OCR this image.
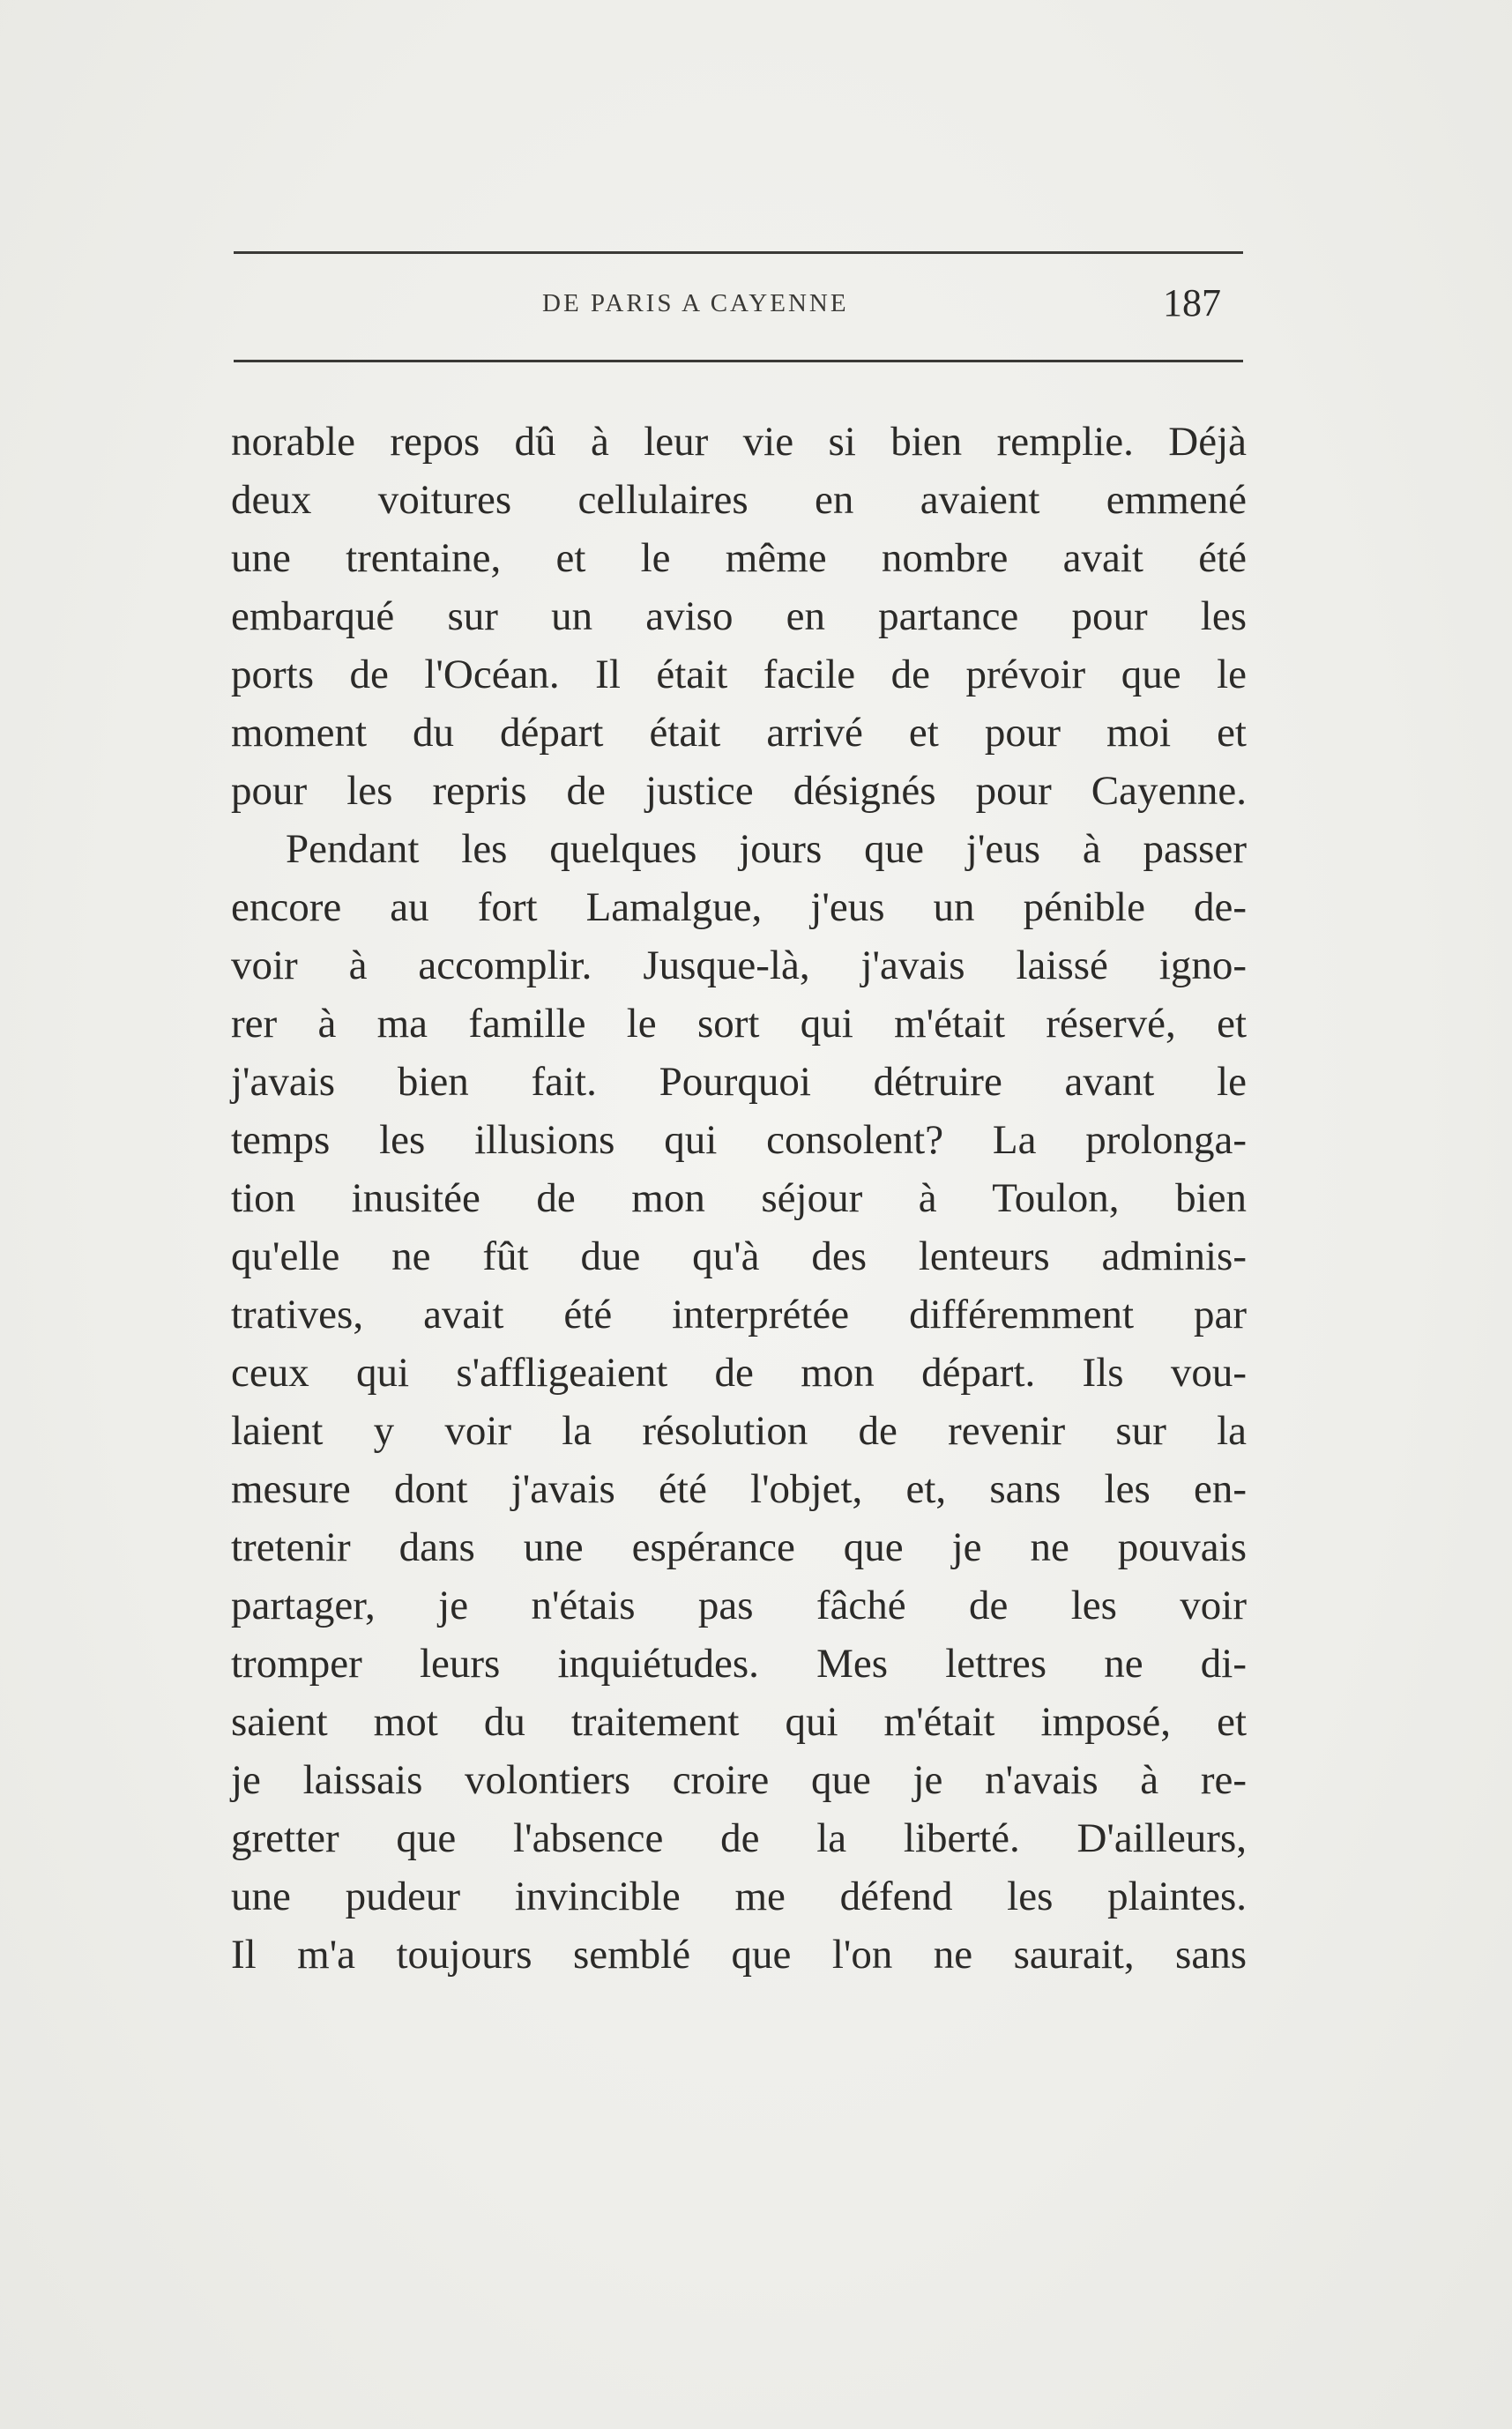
DE PARIS A CAYENNE	187
norable repos dû à leur vie si bien remplie. Déjà
deux voitures cellulaires en avaient emmené
une trentaine, et le même nombre avait été
embarqué sur un aviso en partance pour les
ports de l'Océan. Il était facile de prévoir que le
moment du départ était arrivé et pour moi et
pour les repris de justice désignés pour Cayenne.
Pendant les quelques jours que j'eus à passer
encore au fort Lamalgue, j'eus un pénible de-
voir à accomplir. Jusque-là, j'avais laissé igno-
rer à ma famille le sort qui m'était réservé, et
j'avais bien fait. Pourquoi détruire avant le
temps les illusions qui consolent? La prolonga-
tion inusitée de mon séjour à Toulon, bien
qu'elle ne fût due qu'à des lenteurs adminis-
tratives, avait été interprétée différemment par
ceux qui s'affligeaient de mon départ. Ils vou-
laient y voir la résolution de revenir sur la
mesure dont j'avais été l'objet, et, sans les en-
tretenir dans une espérance que je ne pouvais
partager, je n'étais pas fâché de les voir
tromper leurs inquiétudes. Mes lettres ne di-
saient mot du traitement qui m'était imposé, et
je laissais volontiers croire que je n'avais à re-
gretter que l'absence de la liberté. D'ailleurs,
une pudeur invincible me défend les plaintes.
Il m'a toujours semblé que l'on ne saurait, sans
